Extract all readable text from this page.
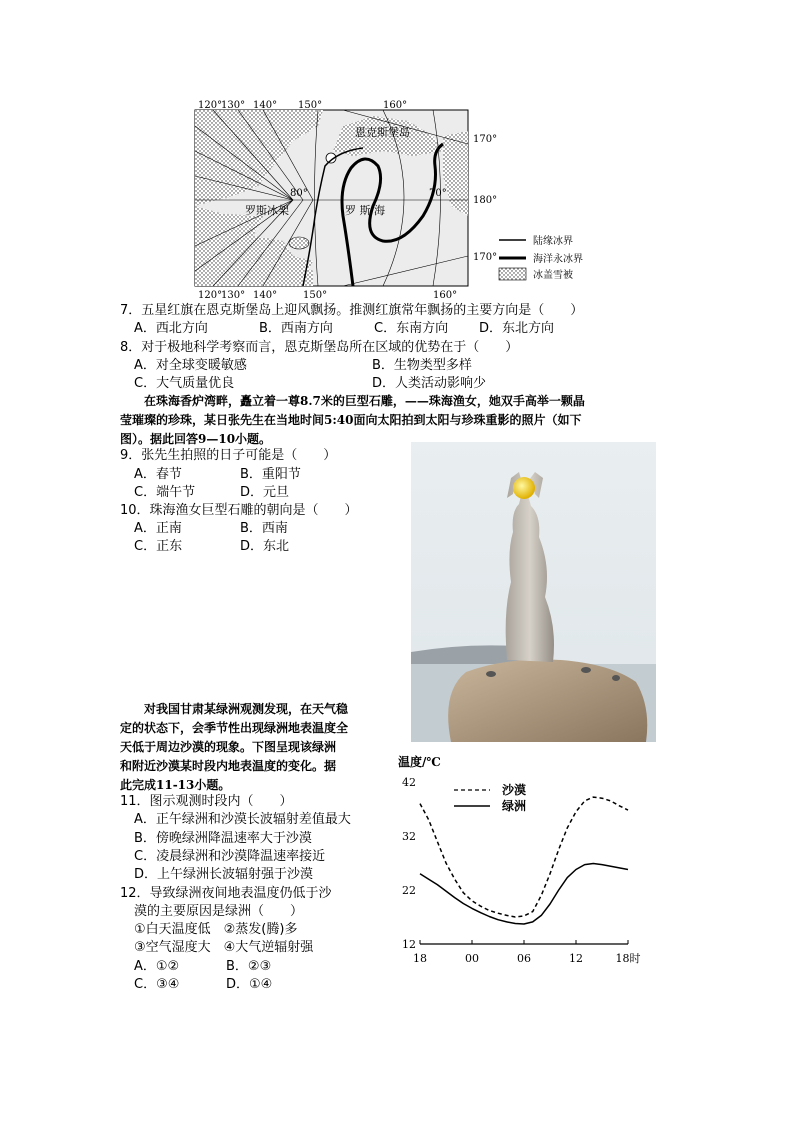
120°
130° 140° 150°	160°
120°
130° 140°	150°	160°
170°
180°
170°
80°	70°
恩克斯堡岛
罗斯冰架	罗 斯 海
陆缘冰界
海洋永冰界
冰盖雪被
7．五星红旗在恩克斯堡岛上迎风飘扬。推测红旗常年飘扬的主要方向是（　　）
A．西北方向	B．西南方向	C．东南方向 D．东北方向
8．对于极地科学考察而言，恩克斯堡岛所在区域的优势在于（　　）
A．对全球变暖敏感	B．生物类型多样
C．大气质量优良	D．人类活动影响少
　　在珠海香炉湾畔，矗立着一尊8.7米的巨型石雕，——珠海渔女，她双手高举一颗晶
莹璀璨的珍珠，某日张先生在当地时间5:40面向太阳拍到太阳与珍珠重影的照片（如下
图）。据此回答9—10小题。
9．张先生拍照的日子可能是（　　）
A．春节	B．重阳节
C．端午节	D．元旦
10．珠海渔女巨型石雕的朝向是（　　）
A．正南	B．西南
C．正东	D．东北
　　对我国甘肃某绿洲观测发现，在天气稳
定的状态下，会季节性出现绿洲地表温度全
天低于周边沙漠的现象。下图呈现该绿洲
和附近沙漠某时段内地表温度的变化。据
此完成11-13小题。
11．图示观测时段内（　　）
A．正午绿洲和沙漠长波辐射差值最大
B．傍晚绿洲降温速率大于沙漠
C．凌晨绿洲和沙漠降温速率接近
D．上午绿洲长波辐射强于沙漠
12．导致绿洲夜间地表温度仍低于沙
漠的主要原因是绿洲（　　）
①白天温度低　②蒸发(腾)多
③空气湿度大　④大气逆辐射强
A．①②	B．②③
C．③④	D．①④
温度/℃
12
22
32
42
18	00	06	12	18时
沙漠
绿洲
